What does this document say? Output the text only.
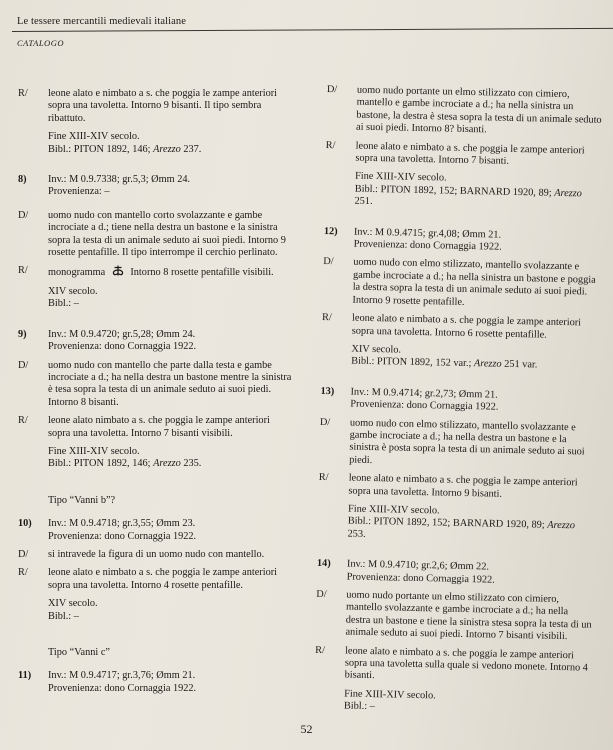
Le tessere mercantili medievali italiane
CATALOGO
R/	leone alato e nimbato a s. che poggia le zampe anteriori sopra una tavoletta. Intorno 9 bisanti. Il tipo sembra ribattuto.
Fine XIII-XIV secolo.
Bibl.: PITON 1892, 146; Arezzo 237.
8)	Inv.: M 0.9.7338; gr.5,3; Ømm 24.
Provenienza: –
D/	uomo nudo con mantello corto svolazzante e gambe incrociate a d.; tiene nella destra un bastone e la sinistra sopra la testa di un animale seduto ai suoi piedi. Intorno 9 rosette pentafille. Il tipo interrompe il cerchio perlinato.
R/	monogramma Intorno 8 rosette pentafille visibili.
XIV secolo.
Bibl.: –
9)	Inv.: M 0.9.4720; gr.5,28; Ømm 24.
Provenienza: dono Cornaggia 1922.
D/	uomo nudo con mantello che parte dalla testa e gambe incrociate a d.; ha nella destra un bastone mentre la sinistra è tesa sopra la testa di un animale seduto ai suoi piedi. Intorno 8 bisanti.
R/	leone alato nimbato a s. che poggia le zampe anteriori sopra una tavoletta. Intorno 7 bisanti visibili.
Fine XIII-XIV secolo.
Bibl.: PITON 1892, 146; Arezzo 235.
Tipo “Vanni b”?
10)	Inv.: M 0.9.4718; gr.3,55; Ømm 23.
Provenienza: dono Cornaggia 1922.
D/	si intravede la figura di un uomo nudo con mantello.
R/	leone alato e nimbato a s. che poggia le zampe anteriori sopra una tavoletta. Intorno 4 rosette pentafille.
XIV secolo.
Bibl.: –
Tipo “Vanni c”
11)	Inv.: M 0.9.4717; gr.3,76; Ømm 21.
Provenienza: dono Cornaggia 1922.
D/	uomo nudo portante un elmo stilizzato con cimiero, mantello e gambe incrociate a d.; ha nella sinistra un bastone, la destra è stesa sopra la testa di un animale seduto ai suoi piedi. Intorno 8? bisanti.
R/	leone alato e nimbato a s. che poggia le zampe anteriori sopra una tavoletta. Intorno 7 bisanti.
Fine XIII-XIV secolo.
Bibl.: PITON 1892, 152; BARNARD 1920, 89; Arezzo 251.
12)	Inv.: M 0.9.4715; gr.4,08; Ømm 21.
Provenienza: dono Cornaggia 1922.
D/	uomo nudo con elmo stilizzato, mantello svolazzante e gambe incrociate a d.; ha nella sinistra un bastone e poggia la destra sopra la testa di un animale seduto ai suoi piedi. Intorno 9 rosette pentafille.
R/	leone alato e nimbato a s. che poggia le zampe anteriori sopra una tavoletta. Intorno 6 rosette pentafille.
XIV secolo.
Bibl.: PITON 1892, 152 var.; Arezzo 251 var.
13)	Inv.: M 0.9.4714; gr.2,73; Ømm 21.
Provenienza: dono Cornaggia 1922.
D/	uomo nudo con elmo stilizzato, mantello svolazzante e gambe incrociate a d.; ha nella destra un bastone e la sinistra è posta sopra la testa di un animale seduto ai suoi piedi.
R/	leone alato e nimbato a s. che poggia le zampe anteriori sopra una tavoletta. Intorno 9 bisanti.
Fine XIII-XIV secolo.
Bibl.: PITON 1892, 152; BARNARD 1920, 89; Arezzo 253.
14)	Inv.: M 0.9.4710; gr.2,6; Ømm 22.
Provenienza: dono Cornaggia 1922.
D/	uomo nudo portante un elmo stilizzato con cimiero, mantello svolazzante e gambe incrociate a d.; ha nella destra un bastone e tiene la sinistra stesa sopra la testa di un animale seduto ai suoi piedi. Intorno 7 bisanti visibili.
R/	leone alato e nimbato a s. che poggia le zampe anteriori sopra una tavoletta sulla quale si vedono monete. Intorno 4 bisanti.
Fine XIII-XIV secolo.
Bibl.: –
52
